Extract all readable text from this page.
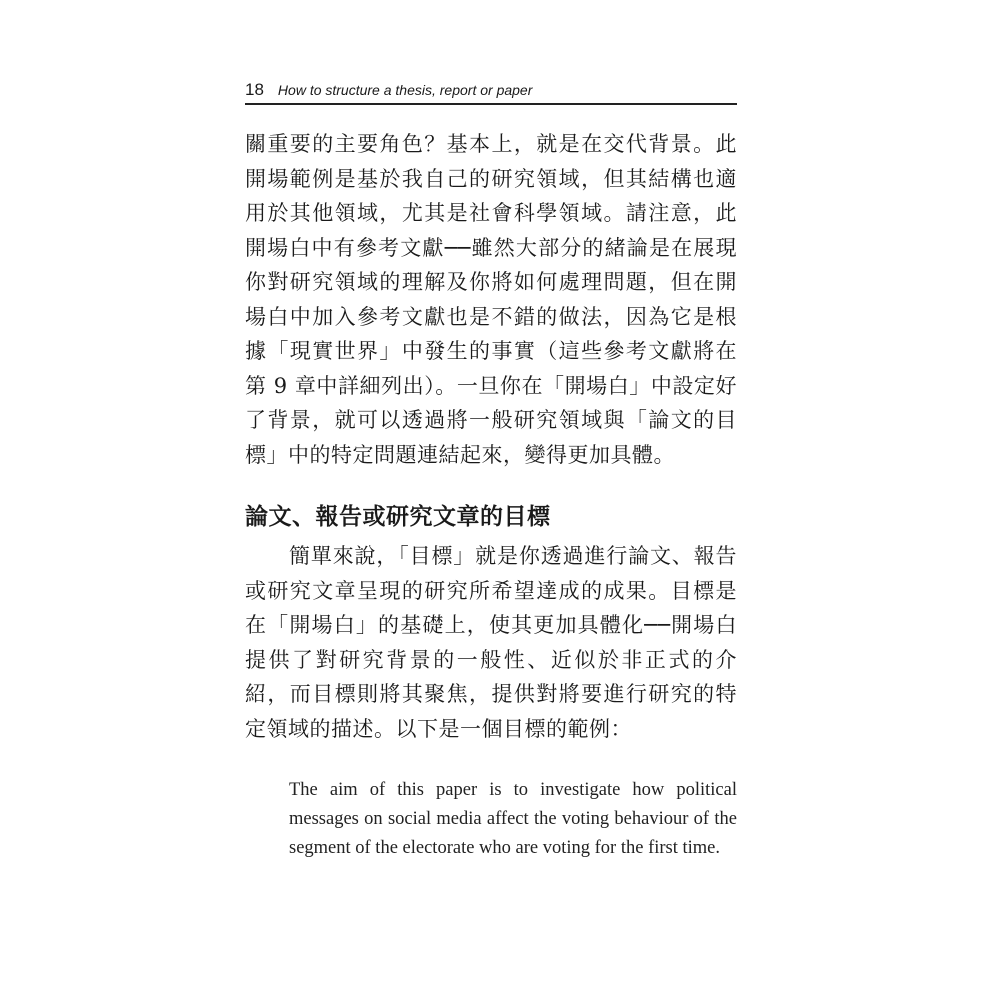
18 How to structure a thesis, report or paper

關重要的主要角色？基本上，就是在交代背景。此開場範例是基於我自己的研究領域，但其結構也適用於其他領域，尤其是社會科學領域。請注意，此開場白中有參考文獻──雖然大部分的緒論是在展現你對研究領域的理解及你將如何處理問題，但在開場白中加入參考文獻也是不錯的做法，因為它是根據「現實世界」中發生的事實（這些參考文獻將在第 9 章中詳細列出）。一旦你在「開場白」中設定好了背景，就可以透過將一般研究領域與「論文的目標」中的特定問題連結起來，變得更加具體。

論文、報告或研究文章的目標

簡單來說，「目標」就是你透過進行論文、報告或研究文章呈現的研究所希望達成的成果。目標是在「開場白」的基礎上，使其更加具體化──開場白提供了對研究背景的一般性、近似於非正式的介紹，而目標則將其聚焦，提供對將要進行研究的特定領域的描述。以下是一個目標的範例：

The aim of this paper is to investigate how political messages on social media affect the voting behaviour of the segment of the electorate who are voting for the first time.
